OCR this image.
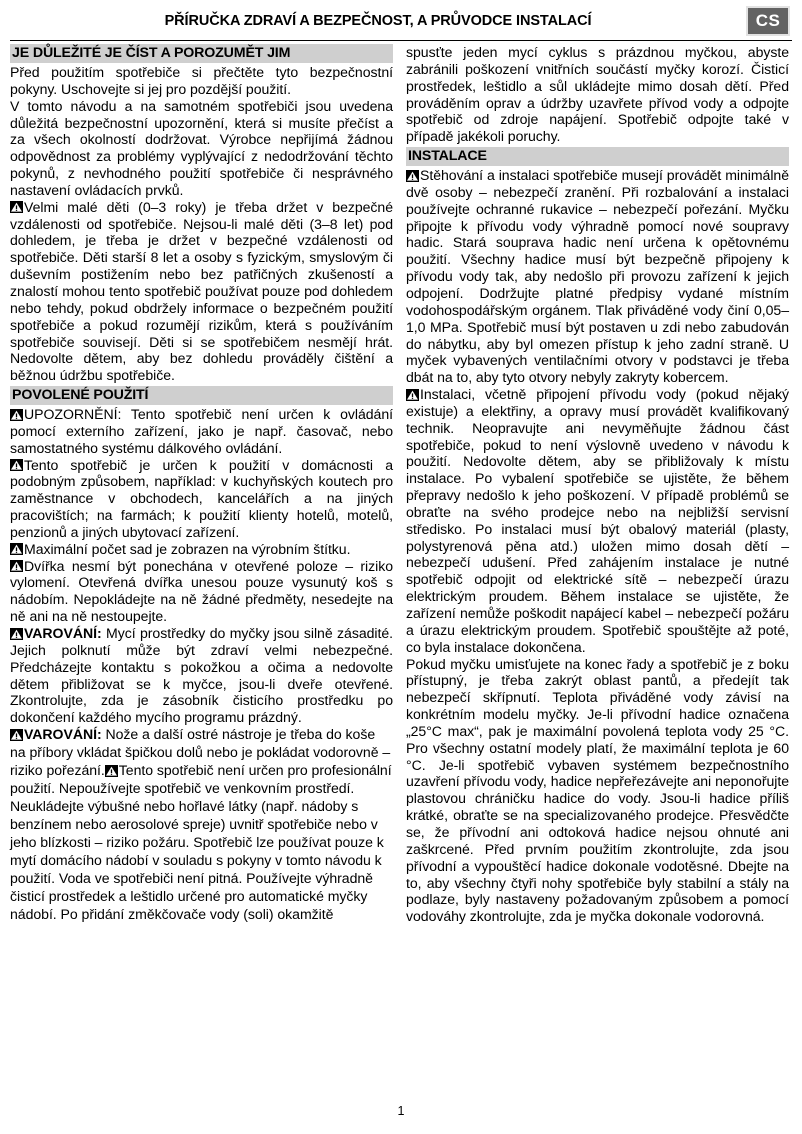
PŘÍRUČKA ZDRAVÍ A BEZPEČNOST, A PRŮVODCE INSTALACÍ	CS
JE DŮLEŽITÉ JE ČÍST A POROZUMĚT JIM

Před použitím spotřebiče si přečtěte tyto bezpečnostní pokyny. Uschovejte si jej pro pozdější použití.

V tomto návodu a na samotném spotřebiči jsou uvedena důležitá bezpečnostní upozornění, která si musíte přečíst a za všech okolností dodržovat. Výrobce nepřijímá žádnou odpovědnost za problémy vyplývající z nedodržování těchto pokynů, z nevhodného použití spotřebiče či nesprávného nastavení ovládacích prvků.

Velmi malé děti (0–3 roky) je třeba držet v bezpečné vzdálenosti od spotřebiče. Nejsou-li malé děti (3–8 let) pod dohledem, je třeba je držet v bezpečné vzdálenosti od spotřebiče. Děti starší 8 let a osoby s fyzickým, smyslovým či duševním postižením nebo bez patřičných zkušeností a znalostí mohou tento spotřebič používat pouze pod dohledem nebo tehdy, pokud obdržely informace o bezpečném použití spotřebiče a pokud rozumějí rizikům, která s používáním spotřebiče souvisejí. Děti si se spotřebičem nesmějí hrát. Nedovolte dětem, aby bez dohledu prováděly čištění a běžnou údržbu spotřebiče.

POVOLENÉ POUŽITÍ

UPOZORNĚNÍ: Tento spotřebič není určen k ovládání pomocí externího zařízení, jako je např. časovač, nebo samostatného systému dálkového ovládání.

Tento spotřebič je určen k použití v domácnosti a podobným způsobem, například: v kuchyňských koutech pro zaměstnance v obchodech, kancelářích a na jiných pracovištích; na farmách; k použití klienty hotelů, motelů, penzionů a jiných ubytovací zařízení.

Maximální počet sad je zobrazen na výrobním štítku.

Dvířka nesmí být ponechána v otevřené poloze – riziko vylomení. Otevřená dvířka unesou pouze vysunutý koš s nádobím. Nepokládejte na ně žádné předměty, nesedejte na ně ani na ně nestoupejte.

VAROVÁNÍ: Mycí prostředky do myčky jsou silně zásadité. Jejich polknutí může být zdraví velmi nebezpečné. Předcházejte kontaktu s pokožkou a očima a nedovolte dětem přibližovat se k myčce, jsou-li dveře otevřené. Zkontrolujte, zda je zásobník čisticího prostředku po dokončení každého mycího programu prázdný.

VAROVÁNÍ: Nože a další ostré nástroje je třeba do koše na příbory vkládat špičkou dolů nebo je pokládat vodorovně – riziko pořezání. Tento spotřebič není určen pro profesionální použití. Nepoužívejte spotřebič ve venkovním prostředí. Neukládejte výbušné nebo hořlavé látky (např. nádoby s benzínem nebo aerosolové spreje) uvnitř spotřebiče nebo v jeho blízkosti – riziko požáru. Spotřebič lze používat pouze k mytí domácího nádobí v souladu s pokyny v tomto návodu k použití. Voda ve spotřebiči není pitná. Používejte výhradně čisticí prostředek a leštidlo určené pro automatické myčky nádobí. Po přidání změkčovače vody (soli) okamžitě

spusťte jeden mycí cyklus s prázdnou myčkou, abyste zabránili poškození vnitřních součástí myčky korozí. Čisticí prostředek, leštidlo a sůl ukládejte mimo dosah dětí. Před prováděním oprav a údržby uzavřete přívod vody a odpojte spotřebič od zdroje napájení. Spotřebič odpojte také v případě jakékoli poruchy.

INSTALACE

Stěhování a instalaci spotřebiče musejí provádět minimálně dvě osoby – nebezpečí zranění. Při rozbalování a instalaci používejte ochranné rukavice – nebezpečí pořezání. Myčku připojte k přívodu vody výhradně pomocí nové soupravy hadic. Stará souprava hadic není určena k opětovnému použití. Všechny hadice musí být bezpečně připojeny k přívodu vody tak, aby nedošlo při provozu zařízení k jejich odpojení. Dodržujte platné předpisy vydané místním vodohospodářským orgánem. Tlak přiváděné vody činí 0,05–1,0 MPa. Spotřebič musí být postaven u zdi nebo zabudován do nábytku, aby byl omezen přístup k jeho zadní straně. U myček vybavených ventilačními otvory v podstavci je třeba dbát na to, aby tyto otvory nebyly zakryty kobercem.

Instalaci, včetně připojení přívodu vody (pokud nějaký existuje) a elektřiny, a opravy musí provádět kvalifikovaný technik. Neopravujte ani nevyměňujte žádnou část spotřebiče, pokud to není výslovně uvedeno v návodu k použití. Nedovolte dětem, aby se přibližovaly k místu instalace. Po vybalení spotřebiče se ujistěte, že během přepravy nedošlo k jeho poškození. V případě problémů se obraťte na svého prodejce nebo na nejbližší servisní středisko. Po instalaci musí být obalový materiál (plasty, polystyrenová pěna atd.) uložen mimo dosah dětí – nebezpečí udušení. Před zahájením instalace je nutné spotřebič odpojit od elektrické sítě – nebezpečí úrazu elektrickým proudem. Během instalace se ujistěte, že zařízení nemůže poškodit napájecí kabel – nebezpečí požáru a úrazu elektrickým proudem. Spotřebič spouštějte až poté, co byla instalace dokončena.

Pokud myčku umisťujete na konec řady a spotřebič je z boku přístupný, je třeba zakrýt oblast pantů, a předejít tak nebezpečí skřípnutí. Teplota přiváděné vody závisí na konkrétním modelu myčky. Je-li přívodní hadice označena „25°C max“, pak je maximální povolená teplota vody 25 °C. Pro všechny ostatní modely platí, že maximální teplota je 60 °C. Je-li spotřebič vybaven systémem bezpečnostního uzavření přívodu vody, hadice nepřeřezávejte ani neponořujte plastovou chráničku hadice do vody. Jsou-li hadice příliš krátké, obraťte se na specializovaného prodejce. Přesvědčte se, že přívodní ani odtoková hadice nejsou ohnuté ani zaškrcené. Před prvním použitím zkontrolujte, zda jsou přívodní a vypouštěcí hadice dokonale vodotěsné. Dbejte na to, aby všechny čtyři nohy spotřebiče byly stabilní a stály na podlaze, byly nastaveny požadovaným způsobem a pomocí vodováhy zkontrolujte, zda je myčka dokonale vodorovná.

1
